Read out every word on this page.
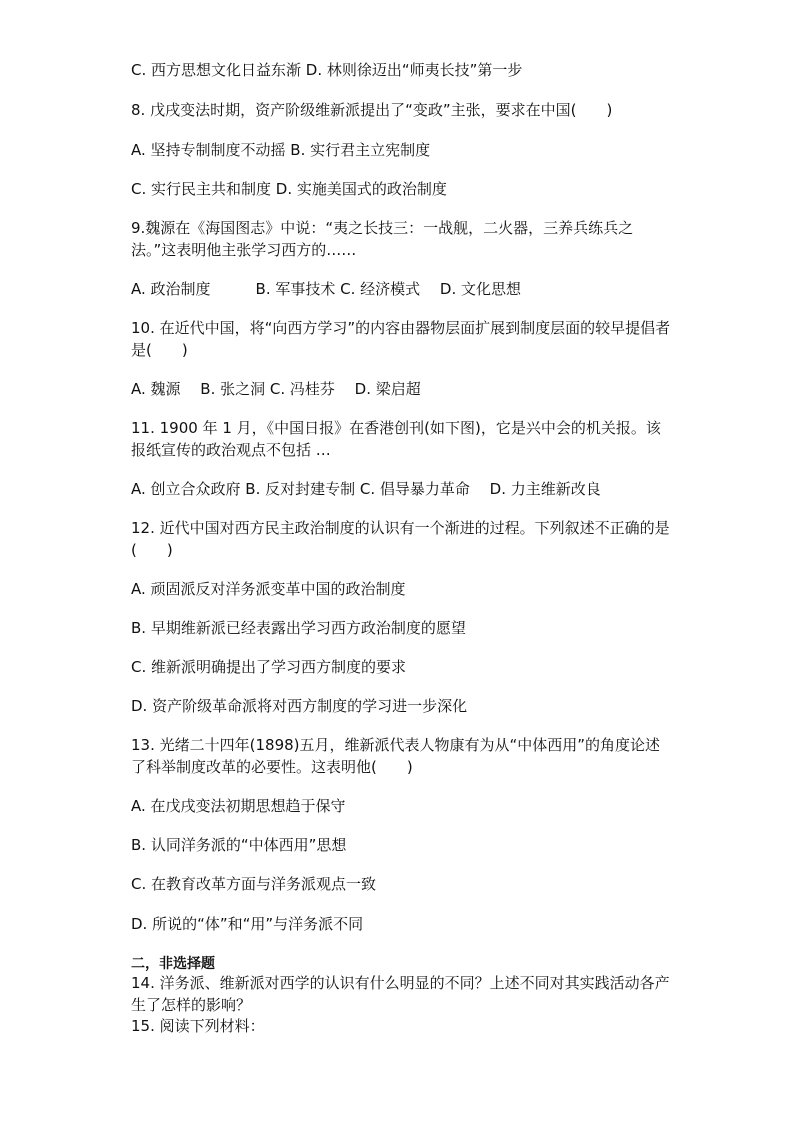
C. 西方思想文化日益东渐 D. 林则徐迈出“师夷长技”第一步
8. 戊戌变法时期，资产阶级维新派提出了“变政”主张，要求在中国(　　)
A. 坚持专制制度不动摇 B. 实行君主立宪制度
C. 实行民主共和制度 D. 实施美国式的政治制度
9.魏源在《海国图志》中说：“夷之长技三：一战舰，二火器，三养兵练兵之法。”这表明他主张学习西方的……
A. 政治制度　　　B. 军事技术 C. 经济模式　 D. 文化思想
10. 在近代中国，将“向西方学习”的内容由器物层面扩展到制度层面的较早提倡者是(　　)
A. 魏源　 B. 张之洞 C. 冯桂芬　 D. 梁启超
11. 1900 年 1 月，《中国日报》在香港创刊(如下图)，它是兴中会的机关报。该报纸宣传的政治观点不包括 …
A. 创立合众政府 B. 反对封建专制 C. 倡导暴力革命　 D. 力主维新改良
12. 近代中国对西方民主政治制度的认识有一个渐进的过程。下列叙述不正确的是(　　)
A. 顽固派反对洋务派变革中国的政治制度
B. 早期维新派已经表露出学习西方政治制度的愿望
C. 维新派明确提出了学习西方制度的要求
D. 资产阶级革命派将对西方制度的学习进一步深化
13. 光绪二十四年(1898)五月，维新派代表人物康有为从“中体西用”的角度论述了科举制度改革的必要性。这表明他(　　)
A. 在戊戌变法初期思想趋于保守
B. 认同洋务派的“中体西用”思想
C. 在教育改革方面与洋务派观点一致
D. 所说的“体”和“用”与洋务派不同
二，非选择题
14. 洋务派、维新派对西学的认识有什么明显的不同？上述不同对其实践活动各产生了怎样的影响？
15. 阅读下列材料：
